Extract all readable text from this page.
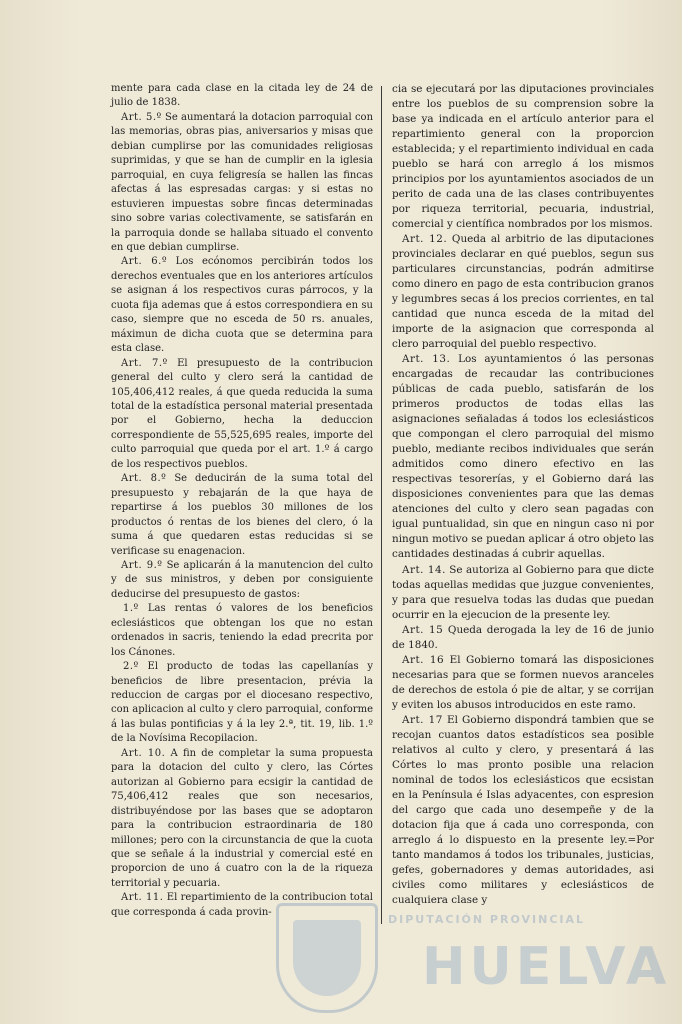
mente para cada clase en la citada ley de 24 de julio de 1838.

Art. 5.º Se aumentará la dotacion parroquial con las memorias, obras pias, aniversarios y misas que debian cumplirse por las comunidades religiosas suprimidas, y que se han de cumplir en la iglesia parroquial, en cuya feligresía se hallen las fincas afectas á las espresadas cargas: y si estas no estuvieren impuestas sobre fincas determinadas sino sobre varias colectivamente, se satisfarán en la parroquia donde se hallaba situado el convento en que debian cumplirse.

Art. 6.º Los ecónomos percibirán todos los derechos eventuales que en los anteriores artículos se asignan á los respectivos curas párrocos, y la cuota fija ademas que á estos correspondiera en su caso, siempre que no esceda de 50 rs. anuales, máximun de dicha cuota que se determina para esta clase.

Art. 7.º El presupuesto de la contribucion general del culto y clero será la cantidad de 105,406,412 reales, á que queda reducida la suma total de la estadística personal material presentada por el Gobierno, hecha la deduccion correspondiente de 55,525,695 reales, importe del culto parroquial que queda por el art. 1.º á cargo de los respectivos pueblos.

Art. 8.º Se deducirán de la suma total del presupuesto y rebajarán de la que haya de repartirse á los pueblos 30 millones de los productos ó rentas de los bienes del clero, ó la suma á que quedaren estas reducidas si se verificase su enagenacion.

Art. 9.º Se aplicarán á la manutencion del culto y de sus ministros, y deben por consiguiente deducirse del presupuesto de gastos:

1.º Las rentas ó valores de los beneficios eclesiásticos que obtengan los que no estan ordenados in sacris, teniendo la edad precrita por los Cánones.

2.º El producto de todas las capellanías y beneficios de libre presentacion, prévia la reduccion de cargas por el diocesano respectivo, con aplicacion al culto y clero parroquial, conforme á las bulas pontificias y á la ley 2.ª, tit. 19, lib. 1.º de la Novísima Recopilacion.

Art. 10. A fin de completar la suma propuesta para la dotacion del culto y clero, las Córtes autorizan al Gobierno para ecsigir la cantidad de 75,406,412 reales que son necesarios, distribuyéndose por las bases que se adoptaron para la contribucion estraordinaria de 180 millones; pero con la circunstancia de que la cuota que se señale á la industrial y comercial esté en proporcion de uno á cuatro con la de la riqueza territorial y pecuaria.

Art. 11. El repartimiento de la contribucion total que corresponda á cada provin-

cia se ejecutará por las diputaciones provinciales entre los pueblos de su comprension sobre la base ya indicada en el artículo anterior para el repartimiento general con la proporcion establecida; y el repartimiento individual en cada pueblo se hará con arreglo á los mismos principios por los ayuntamientos asociados de un perito de cada una de las clases contribuyentes por riqueza territorial, pecuaria, industrial, comercial y científica nombrados por los mismos.

Art. 12. Queda al arbitrio de las diputaciones provinciales declarar en qué pueblos, segun sus particulares circunstancias, podrán admitirse como dinero en pago de esta contribucion granos y legumbres secas á los precios corrientes, en tal cantidad que nunca esceda de la mitad del importe de la asignacion que corresponda al clero parroquial del pueblo respectivo.

Art. 13. Los ayuntamientos ó las personas encargadas de recaudar las contribuciones públicas de cada pueblo, satisfarán de los primeros productos de todas ellas las asignaciones señaladas á todos los eclesiásticos que compongan el clero parroquial del mismo pueblo, mediante recibos individuales que serán admitidos como dinero efectivo en las respectivas tesorerías, y el Gobierno dará las disposiciones convenientes para que las demas atenciones del culto y clero sean pagadas con igual puntualidad, sin que en ningun caso ni por ningun motivo se puedan aplicar á otro objeto las cantidades destinadas á cubrir aquellas.

Art. 14. Se autoriza al Gobierno para que dicte todas aquellas medidas que juzgue convenientes, y para que resuelva todas las dudas que puedan ocurrir en la ejecucion de la presente ley.

Art. 15 Queda derogada la ley de 16 de junio de 1840.

Art. 16 El Gobierno tomará las disposiciones necesarias para que se formen nuevos aranceles de derechos de estola ó pie de altar, y se corrijan y eviten los abusos introducidos en este ramo.

Art. 17 El Gobierno dispondrá tambien que se recojan cuantos datos estadísticos sea posible relativos al culto y clero, y presentará á las Córtes lo mas pronto posible una relacion nominal de todos los eclesiásticos que ecsistan en la Península é Islas adyacentes, con espresion del cargo que cada uno desempeñe y de la dotacion fija que á cada uno corresponda, con arreglo á lo dispuesto en la presente ley.=Por tanto mandamos á todos los tribunales, justicias, gefes, gobernadores y demas autoridades, asi civiles como militares y eclesiásticos de cualquiera clase y

DIPUTACIÓN PROVINCIAL
HUELVA
